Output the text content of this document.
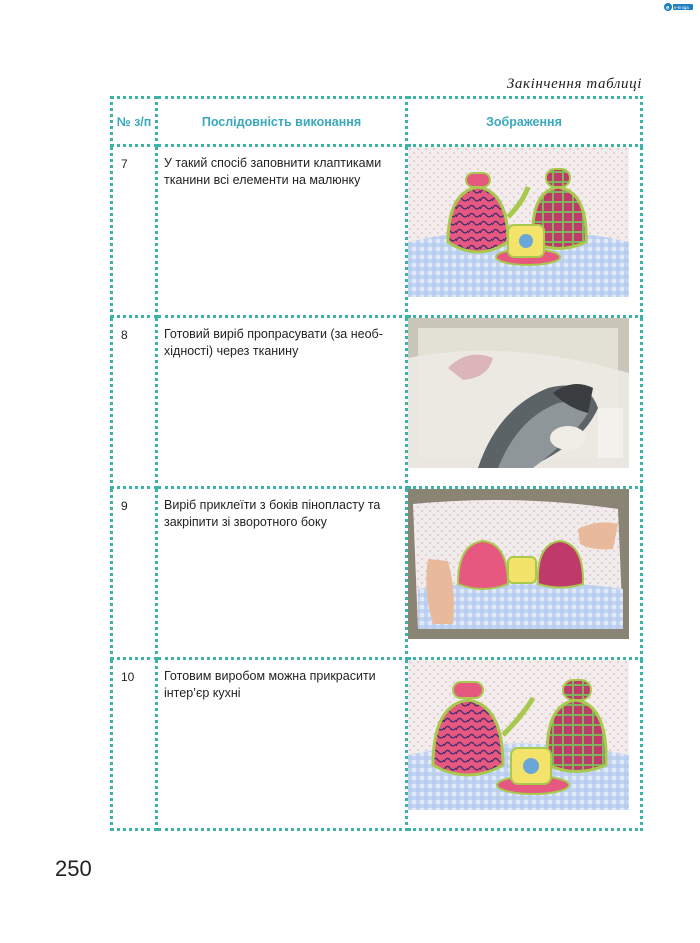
e e-kniga
Закінчення таблиці
№ з/п	Послідовність виконання	Зображення

7	У такий спосіб заповнити клаптиками тканини всі елементи на малюнку

8	Готовий виріб пропрасувати (за необ-хідності) через тканину

9	Виріб приклеїти з боків пінопласту та закріпити зі зворотного боку

10	Готовим виробом можна прикрасити інтер’єр кухні

250
